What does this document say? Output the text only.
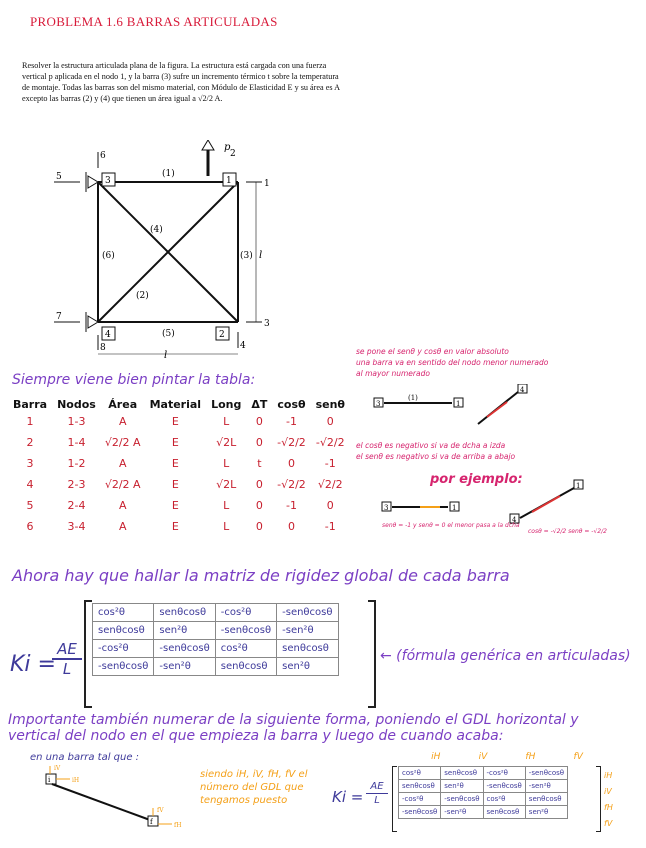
PROBLEMA 1.6 BARRAS ARTICULADAS
Resolver la estructura articulada plana de la figura. La estructura está cargada con una fuerza
vertical p aplicada en el nodo 1, y la barra (3) sufre un incremento térmico t sobre la temperatura
de montaje. Todas las barras son del mismo material, con Módulo de Elasticidad E y su área es A
excepto las barras (2) y (4) que tienen un área igual a √2/2 A.
p
3	1
4	2
(1)
(2)
(3)
(4)
(5)
(6)
5
7
6
8
1
2
3
4
l
l
Siempre viene bien pintar la tabla:
Barra	Nodos	Área	Material	Long	ΔT	cosθ	senθ
1	1-3	A	E	L	0	-1	0
2	1-4	√2/2 A	E	√2L	0	-√2/2	-√2/2
3	1-2	A	E	L	t	0	-1
4	2-3	√2/2 A	E	√2L	0	-√2/2	√2/2
5	2-4	A	E	L	0	-1	0
6	3-4	A	E	L	0	0	-1
se pone el senθ y cosθ en valor absoluto
una barra va en sentido del nodo menor numerado
al mayor numerado
3
(1)
1
4
el cosθ es negativo si va de dcha a izda
el senθ es negativo si va de arriba a abajo
por ejemplo:
3	1
1
4
senθ = -1 y senθ = 0 el menor pasa a la dcha
cosθ = -√2/2 senθ = -√2/2
Ahora hay que hallar la matriz de rigidez global de cada barra
Ki =
AE
L
cos²θ	senθcosθ	-cos²θ	-senθcosθ
senθcosθ	sen²θ	-senθcosθ	-sen²θ
-cos²θ	-senθcosθ	cos²θ	senθcosθ
-senθcosθ	-sen²θ	senθcosθ	sen²θ
← (fórmula genérica en articuladas)
Importante también numerar de la siguiente forma, poniendo el GDL horizontal y
vertical del nodo en el que empieza la barra y luego de cuando acaba:
en una barra tal que :
i	iH
iV
f	fH
fV
siendo iH, iV, fH, fV el número del GDL que tengamos puesto	Ki =
AE
L
cos²θ	senθcosθ	-cos²θ	-senθcosθ
senθcosθ	sen²θ	-senθcosθ	-sen²θ
-cos²θ	-senθcosθ	cos²θ	senθcosθ
-senθcosθ	-sen²θ	senθcosθ	sen²θ
iH	iV	fH	fV
iH
iV
fH
fV
